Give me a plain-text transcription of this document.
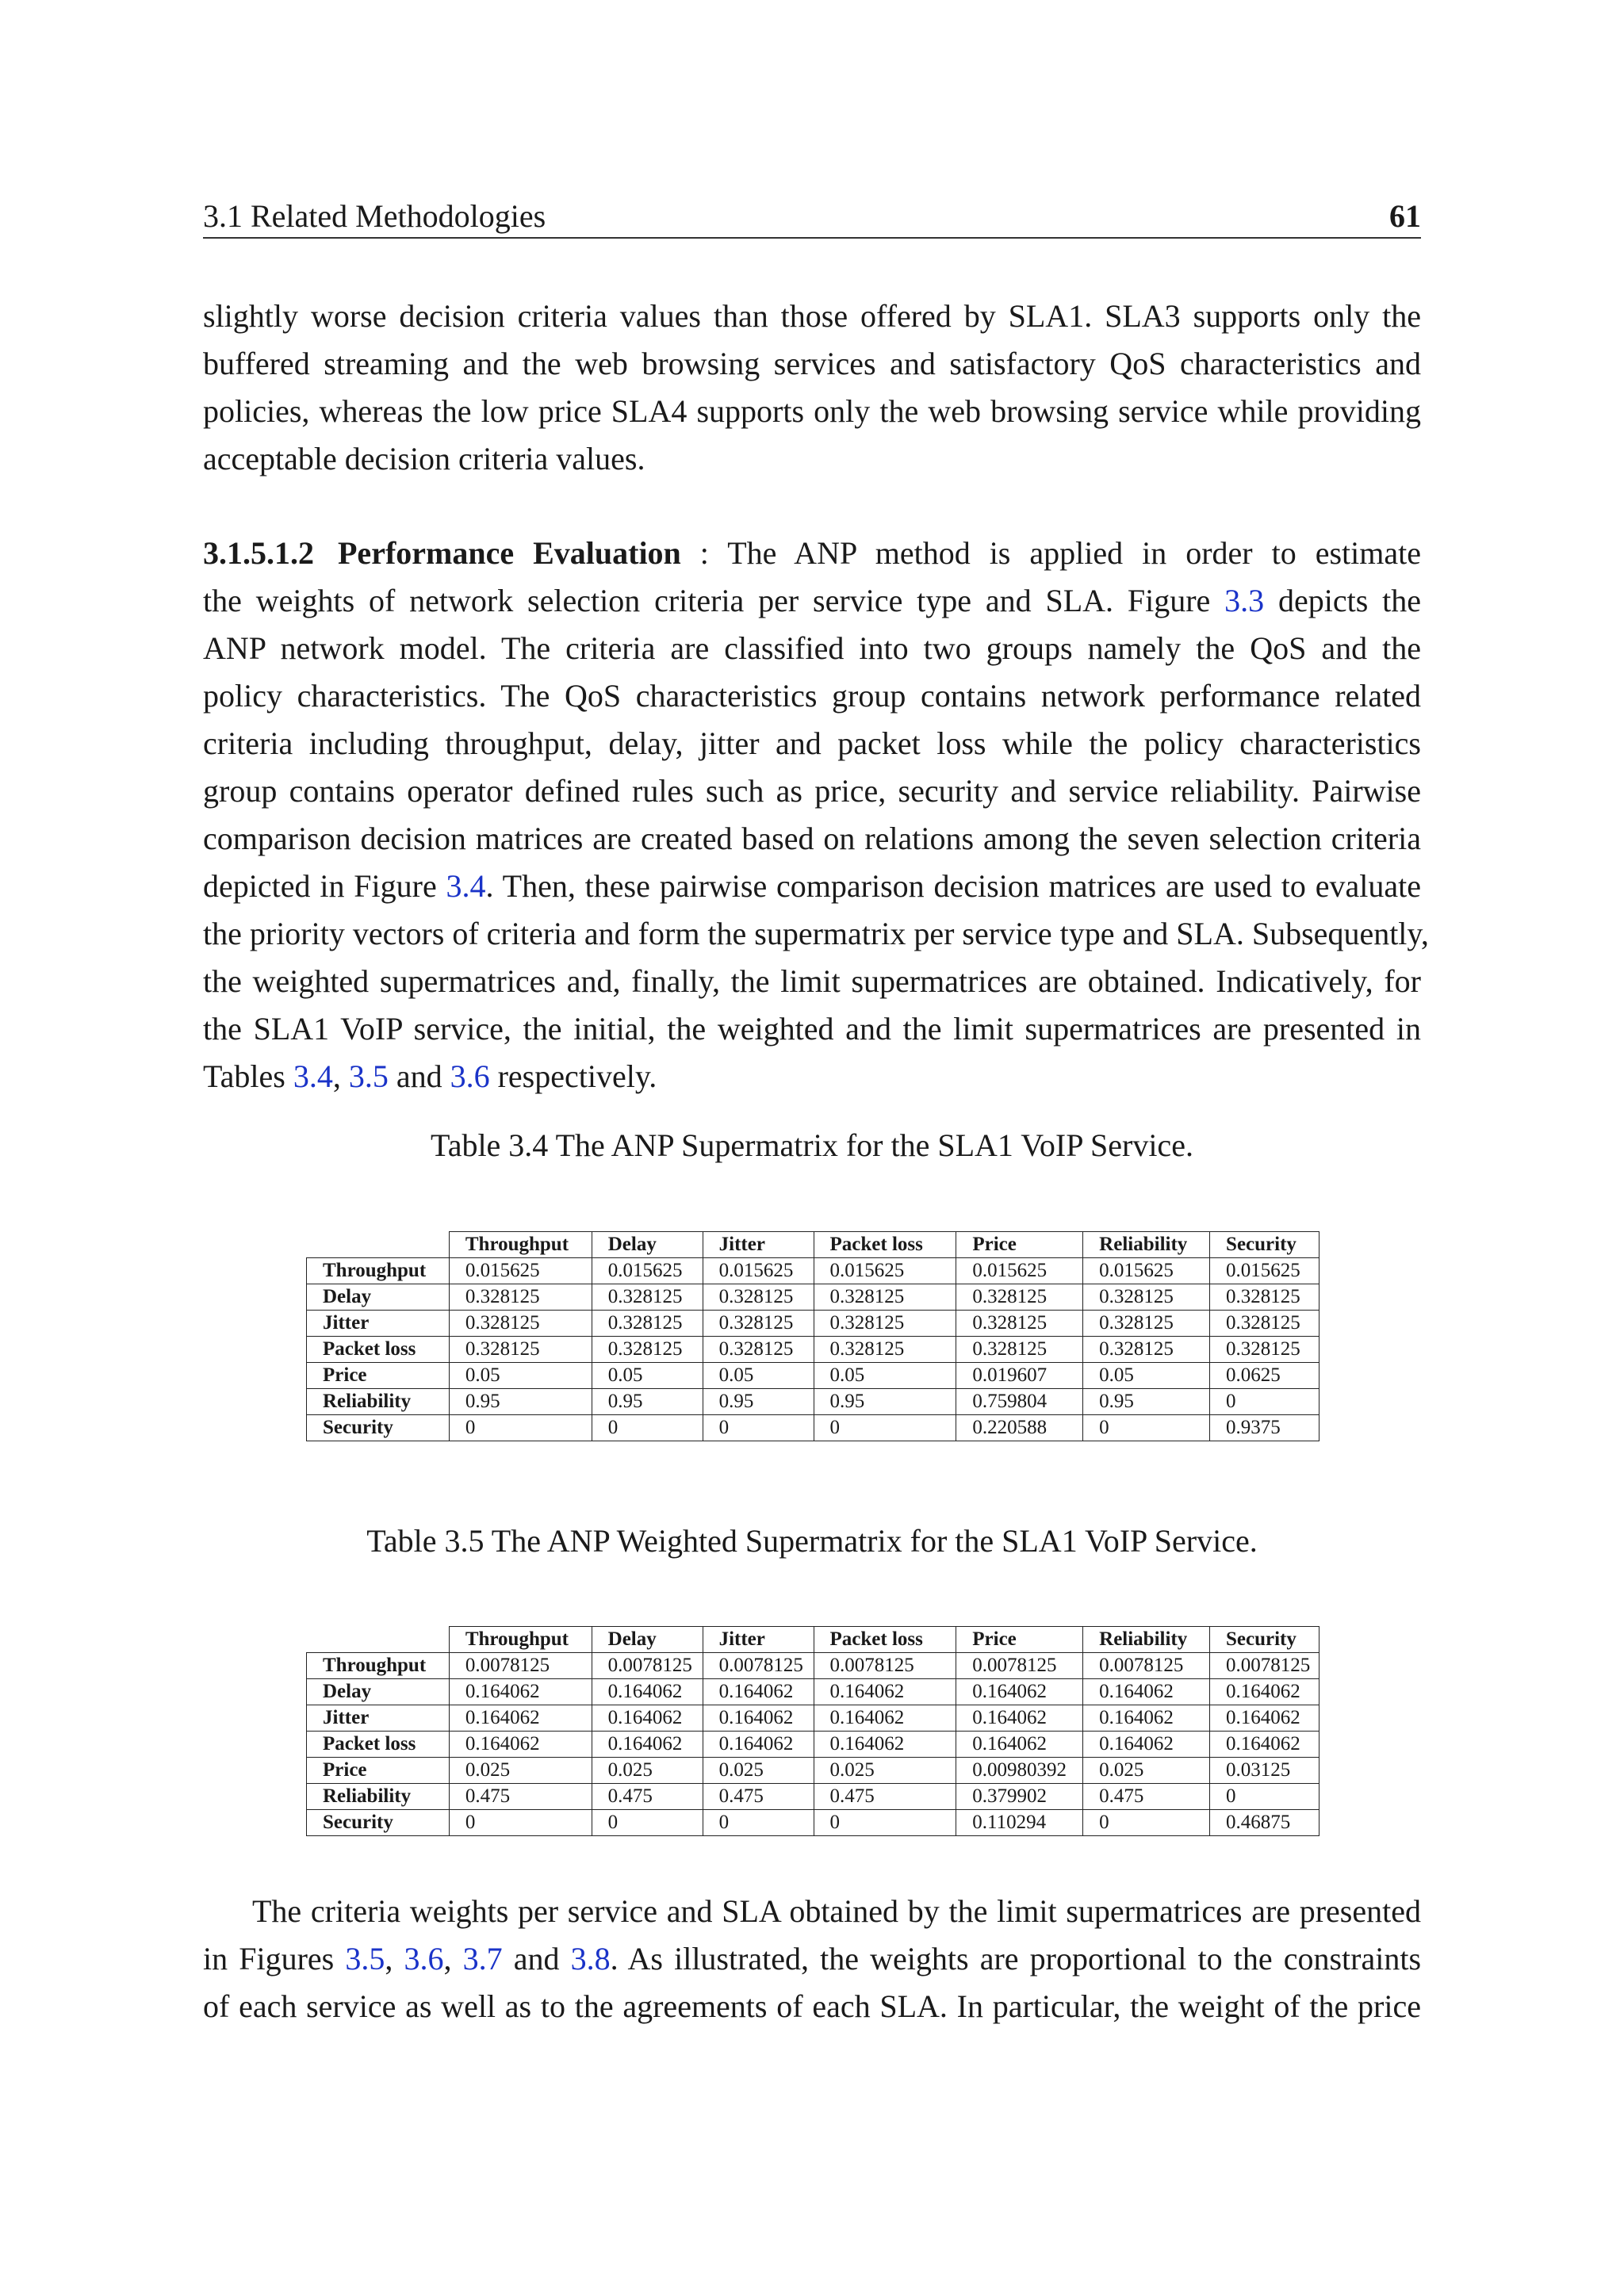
3.1 Related Methodologies	61
slightly worse decision criteria values than those offered by SLA1. SLA3 supports only the
buffered streaming and the web browsing services and satisfactory QoS characteristics and
policies, whereas the low price SLA4 supports only the web browsing service while providing
acceptable decision criteria values.
3.1.5.1.2 Performance Evaluation : The ANP method is applied in order to estimate
the weights of network selection criteria per service type and SLA. Figure 3.3 depicts the
ANP network model. The criteria are classified into two groups namely the QoS and the
policy characteristics. The QoS characteristics group contains network performance related
criteria including throughput, delay, jitter and packet loss while the policy characteristics
group contains operator defined rules such as price, security and service reliability. Pairwise
comparison decision matrices are created based on relations among the seven selection criteria
depicted in Figure 3.4. Then, these pairwise comparison decision matrices are used to evaluate
the priority vectors of criteria and form the supermatrix per service type and SLA. Subsequently,
the weighted supermatrices and, finally, the limit supermatrices are obtained. Indicatively, for
the SLA1 VoIP service, the initial, the weighted and the limit supermatrices are presented in
Tables 3.4, 3.5 and 3.6 respectively.
Table 3.4 The ANP Supermatrix for the SLA1 VoIP Service.
	Throughput	Delay	Jitter	Packet loss	Price	Reliability	Security
Throughput	0.015625	0.015625	0.015625	0.015625	0.015625	0.015625	0.015625
Delay	0.328125	0.328125	0.328125	0.328125	0.328125	0.328125	0.328125
Jitter	0.328125	0.328125	0.328125	0.328125	0.328125	0.328125	0.328125
Packet loss	0.328125	0.328125	0.328125	0.328125	0.328125	0.328125	0.328125
Price	0.05	0.05	0.05	0.05	0.019607	0.05	0.0625
Reliability	0.95	0.95	0.95	0.95	0.759804	0.95	0
Security	0	0	0	0	0.220588	0	0.9375
Table 3.5 The ANP Weighted Supermatrix for the SLA1 VoIP Service.
	Throughput	Delay	Jitter	Packet loss	Price	Reliability	Security
Throughput	0.0078125	0.0078125	0.0078125	0.0078125	0.0078125	0.0078125	0.0078125
Delay	0.164062	0.164062	0.164062	0.164062	0.164062	0.164062	0.164062
Jitter	0.164062	0.164062	0.164062	0.164062	0.164062	0.164062	0.164062
Packet loss	0.164062	0.164062	0.164062	0.164062	0.164062	0.164062	0.164062
Price	0.025	0.025	0.025	0.025	0.00980392	0.025	0.03125
Reliability	0.475	0.475	0.475	0.475	0.379902	0.475	0
Security	0	0	0	0	0.110294	0	0.46875
The criteria weights per service and SLA obtained by the limit supermatrices are presented
in Figures 3.5, 3.6, 3.7 and 3.8. As illustrated, the weights are proportional to the constraints
of each service as well as to the agreements of each SLA. In particular, the weight of the price
